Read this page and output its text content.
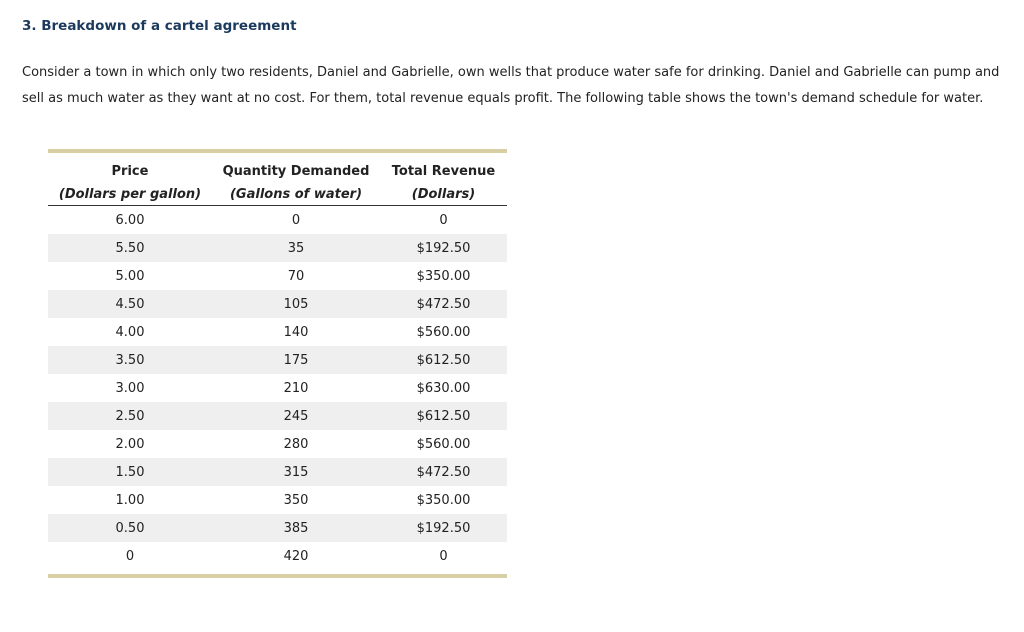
3. Breakdown of a cartel agreement

Consider a town in which only two residents, Daniel and Gabrielle, own wells that produce water safe for drinking. Daniel and Gabrielle can pump and sell as much water as they want at no cost. For them, total revenue equals profit. The following table shows the town's demand schedule for water.

Price	Quantity Demanded	Total Revenue
(Dollars per gallon)	(Gallons of water)	(Dollars)
6.00	0	0
5.50	35	$192.50
5.00	70	$350.00
4.50	105	$472.50
4.00	140	$560.00
3.50	175	$612.50
3.00	210	$630.00
2.50	245	$612.50
2.00	280	$560.00
1.50	315	$472.50
1.00	350	$350.00
0.50	385	$192.50
0	420	0
